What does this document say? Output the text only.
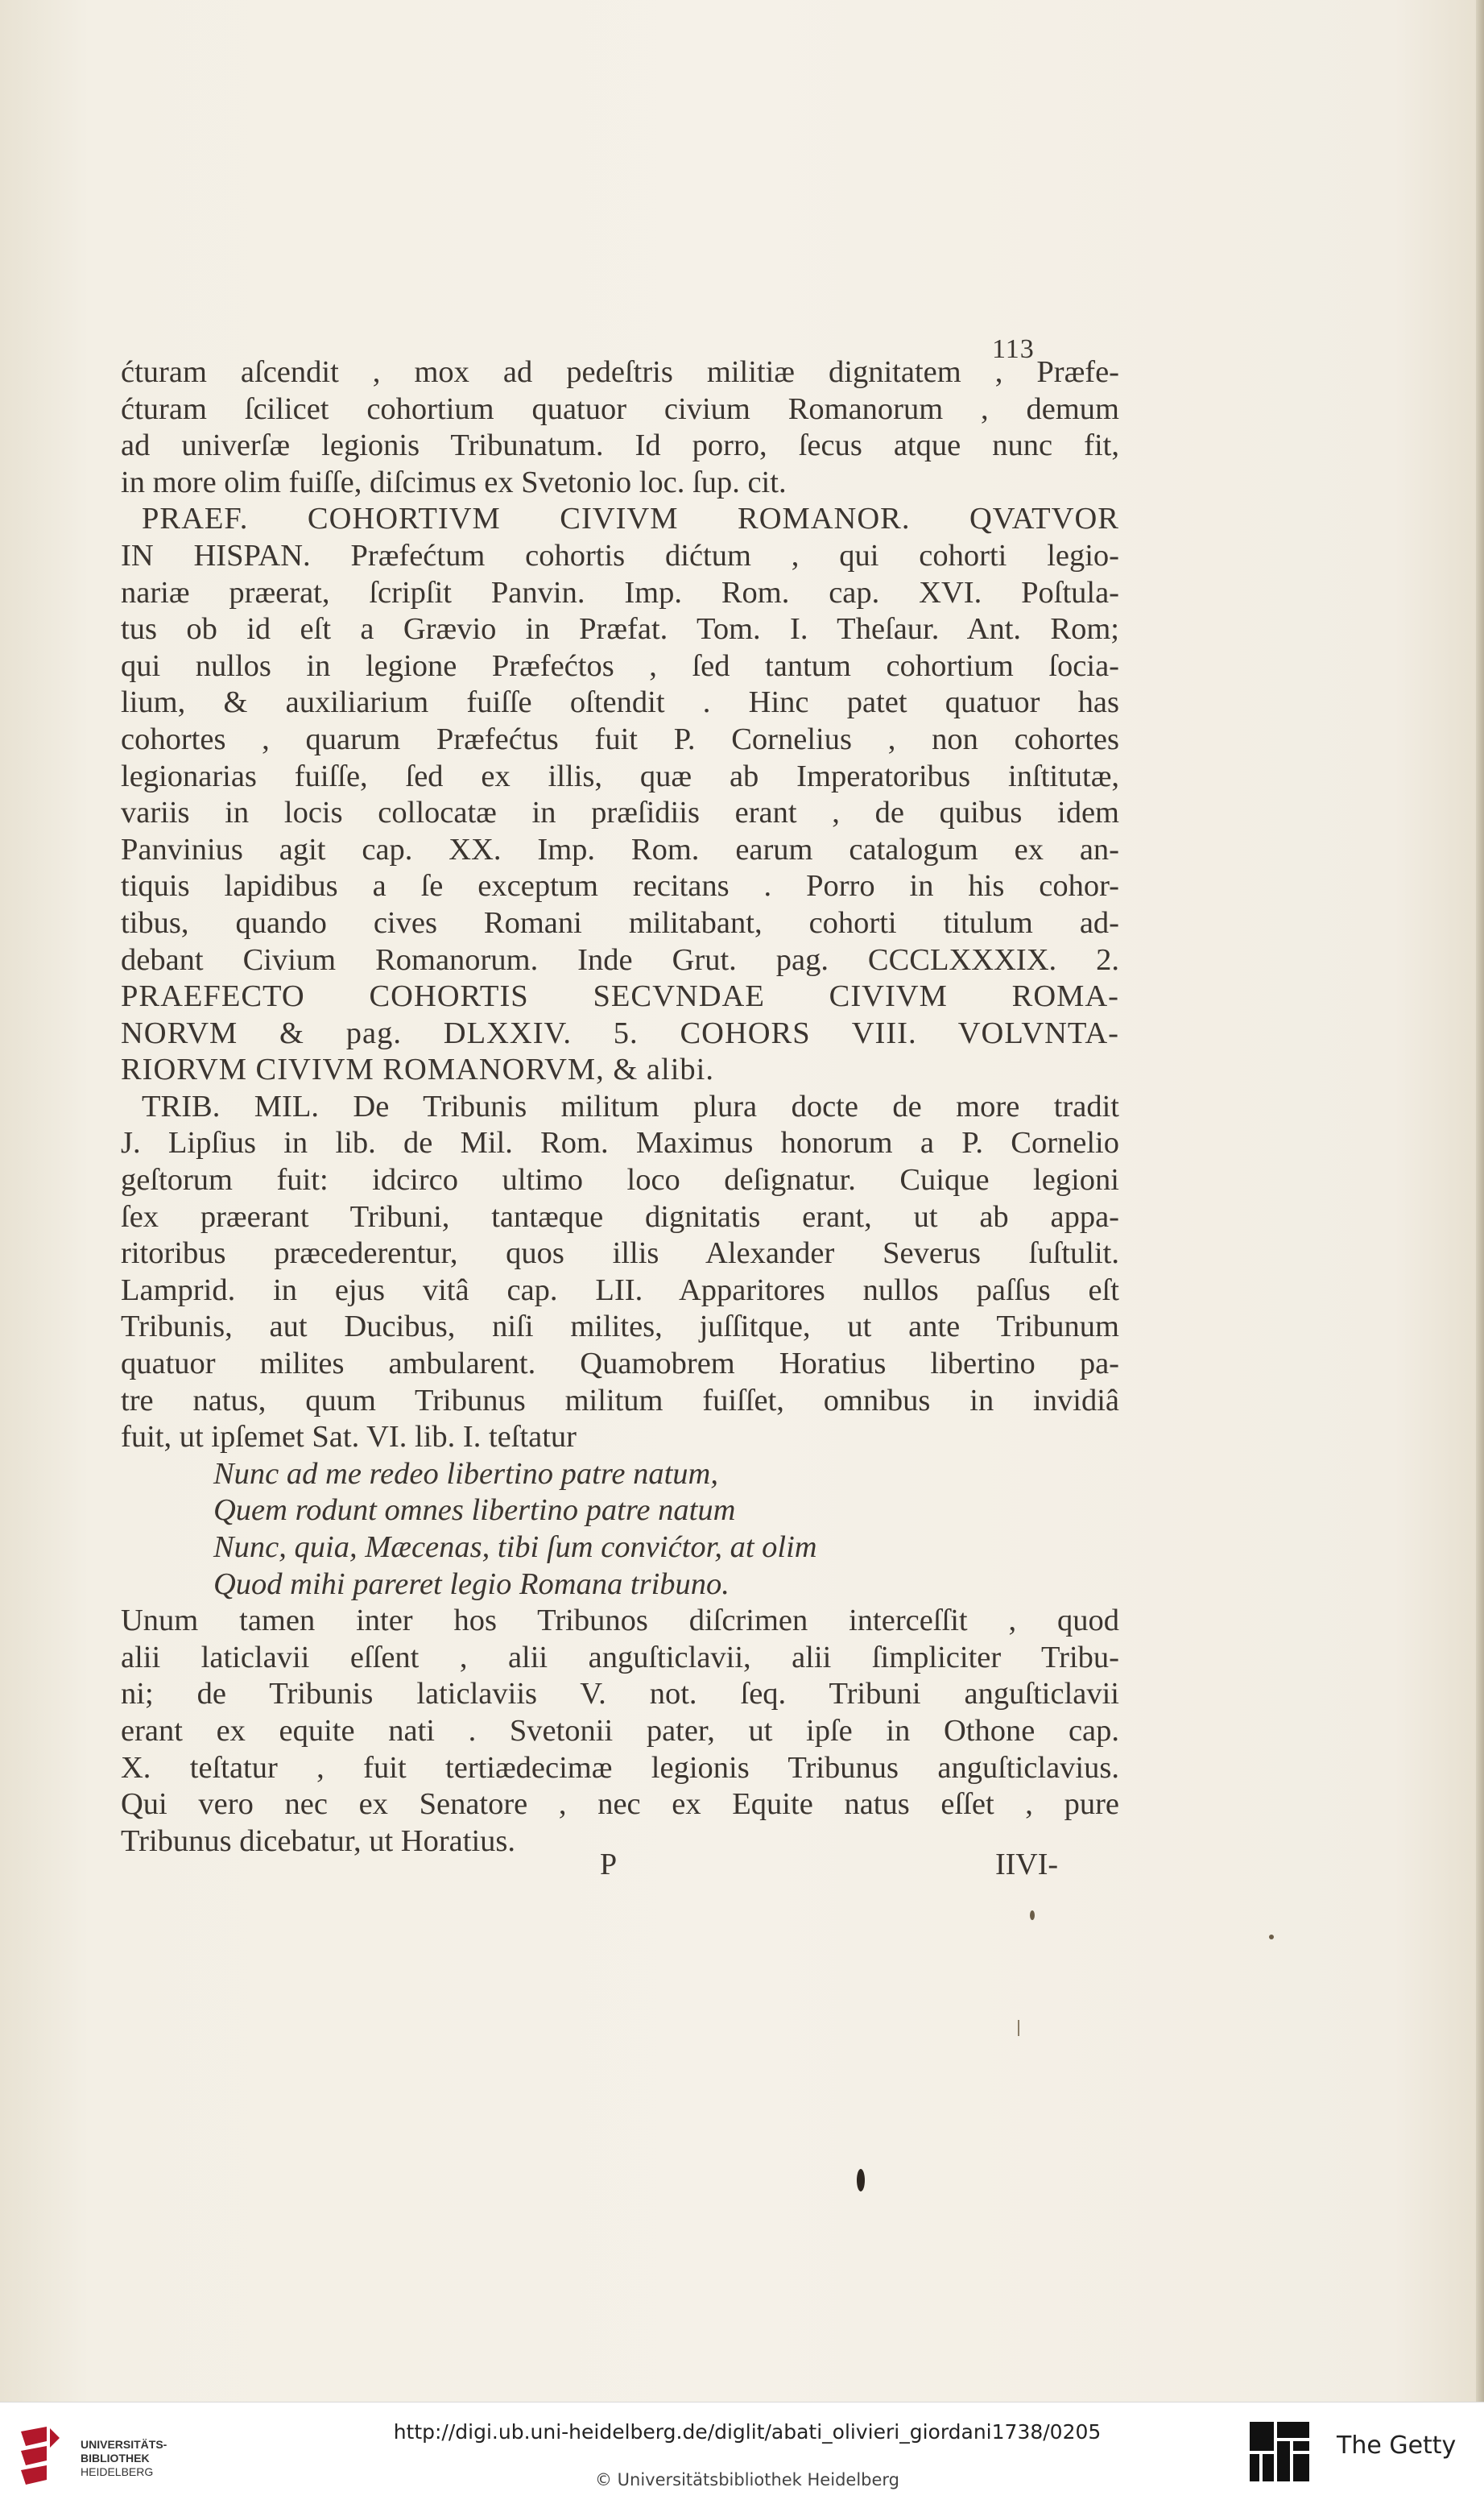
113
ćturam aſcendit , mox ad pedeſtris militiæ dignitatem , Præfe-
ćturam ſcilicet cohortium quatuor civium Romanorum , demum
ad univerſæ legionis Tribunatum. Id porro, ſecus atque nunc fit,
in more olim fuiſſe, diſcimus ex Svetonio loc. ſup. cit.
PRAEF. COHORTIVM CIVIVM ROMANOR. QVATVOR
IN HISPAN. Præfećtum cohortis dićtum , qui cohorti legio-
nariæ præerat, ſcripſit Panvin. Imp. Rom. cap. XVI. Poſtula-
tus ob id eſt a Grævio in Præfat. Tom. I. Theſaur. Ant. Rom;
qui nullos in legione Præfećtos , ſed tantum cohortium ſocia-
lium, & auxiliarium fuiſſe oſtendit . Hinc patet quatuor has
cohortes , quarum Præfećtus fuit P. Cornelius , non cohortes
legionarias fuiſſe, ſed ex illis, quæ ab Imperatoribus inſtitutæ,
variis in locis collocatæ in præſidiis erant , de quibus idem
Panvinius agit cap. XX. Imp. Rom. earum catalogum ex an-
tiquis lapidibus a ſe exceptum recitans . Porro in his cohor-
tibus, quando cives Romani militabant, cohorti titulum ad-
debant Civium Romanorum. Inde Grut. pag. CCCLXXXIX. 2.
PRAEFECTO COHORTIS SECVNDAE CIVIVM ROMA-
NORVM & pag. DLXXIV. 5. COHORS VIII. VOLVNTA-
RIORVM CIVIVM ROMANORVM, & alibi.
TRIB. MIL. De Tribunis militum plura docte de more tradit
J. Lipſius in lib. de Mil. Rom. Maximus honorum a P. Cornelio
geſtorum fuit: idcirco ultimo loco deſignatur. Cuique legioni
ſex præerant Tribuni, tantæque dignitatis erant, ut ab appa-
ritoribus præcederentur, quos illis Alexander Severus ſuſtulit.
Lamprid. in ejus vitâ cap. LII. Apparitores nullos paſſus eſt
Tribunis, aut Ducibus, niſi milites, juſſitque, ut ante Tribunum
quatuor milites ambularent. Quamobrem Horatius libertino pa-
tre natus, quum Tribunus militum fuiſſet, omnibus in invidiâ
fuit, ut ipſemet Sat. VI. lib. I. teſtatur
Nunc ad me redeo libertino patre natum,
Quem rodunt omnes libertino patre natum
Nunc, quia, Mæcenas, tibi ſum convićtor, at olim
Quod mihi pareret legio Romana tribuno.
Unum tamen inter hos Tribunos diſcrimen interceſſit , quod
alii laticlavii eſſent , alii anguſticlavii, alii ſimpliciter Tribu-
ni; de Tribunis laticlaviis V. not. ſeq. Tribuni anguſticlavii
erant ex equite nati . Svetonii pater, ut ipſe in Othone cap.
X. teſtatur , fuit tertiædecimæ legionis Tribunus anguſticlavius.
Qui vero nec ex Senatore , nec ex Equite natus eſſet , pure
Tribunus dicebatur, ut Horatius.
P	IIVI-
UNIVERSITÄTS-
BIBLIOTHEK
HEIDELBERG
http://digi.ub.uni-heidelberg.de/diglit/abati_olivieri_giordani1738/0205
© Universitätsbibliothek Heidelberg
The Getty
